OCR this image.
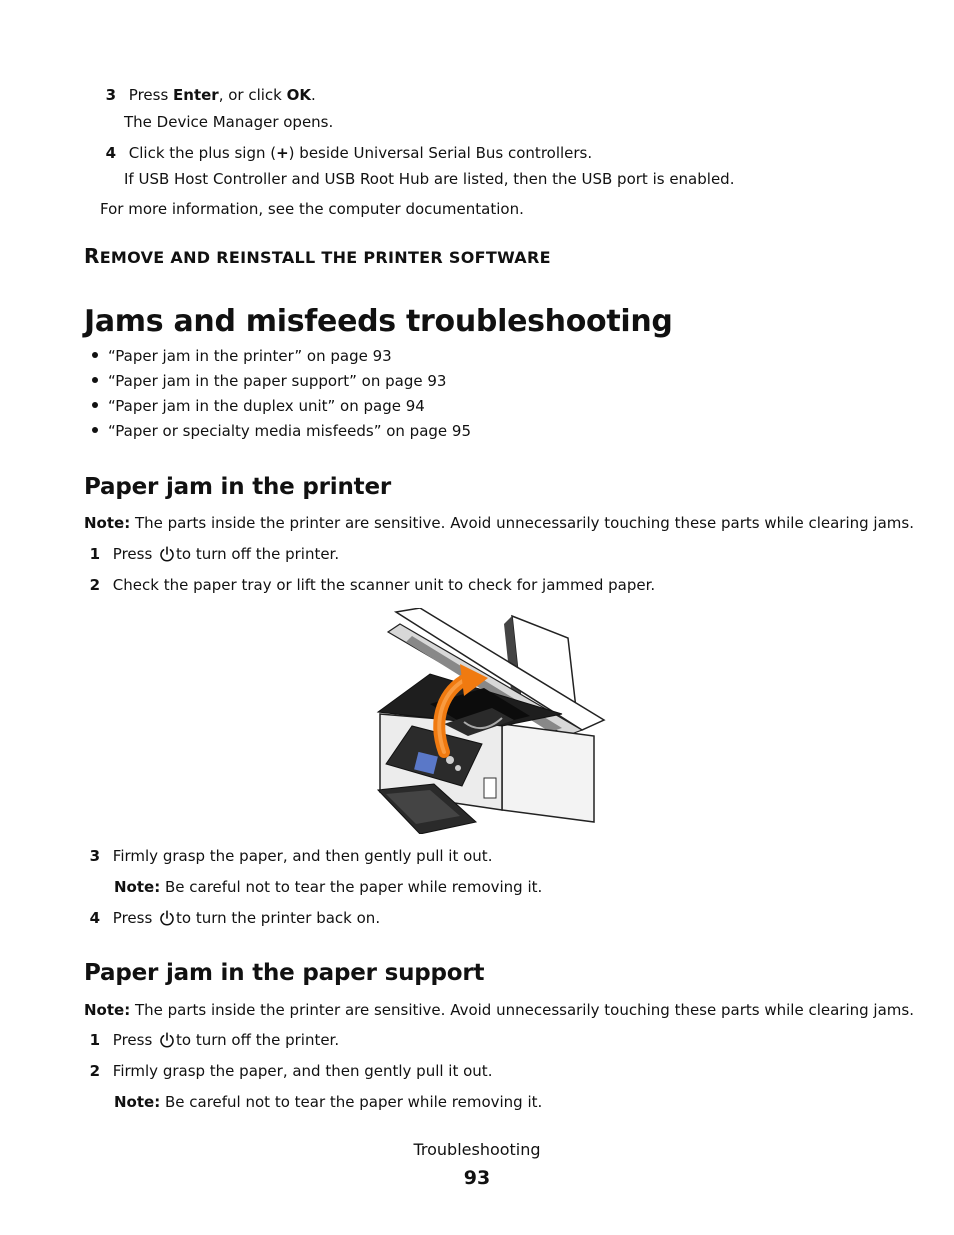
3 Press Enter, or click OK.
The Device Manager opens.
4 Click the plus sign (+) beside Universal Serial Bus controllers.
If USB Host Controller and USB Root Hub are listed, then the USB port is enabled.
For more information, see the computer documentation.
REMOVE AND REINSTALL THE PRINTER SOFTWARE
Jams and misfeeds troubleshooting
“Paper jam in the printer” on page 93
“Paper jam in the paper support” on page 93
“Paper jam in the duplex unit” on page 94
“Paper or specialty media misfeeds” on page 95
Paper jam in the printer
Note: The parts inside the printer are sensitive. Avoid unnecessarily touching these parts while clearing jams.
1 Press to turn off the printer.
2 Check the paper tray or lift the scanner unit to check for jammed paper.
3 Firmly grasp the paper, and then gently pull it out.
Note: Be careful not to tear the paper while removing it.
4 Press to turn the printer back on.
Paper jam in the paper support
Note: The parts inside the printer are sensitive. Avoid unnecessarily touching these parts while clearing jams.
1 Press to turn off the printer.
2 Firmly grasp the paper, and then gently pull it out.
Note: Be careful not to tear the paper while removing it.
Troubleshooting
93
